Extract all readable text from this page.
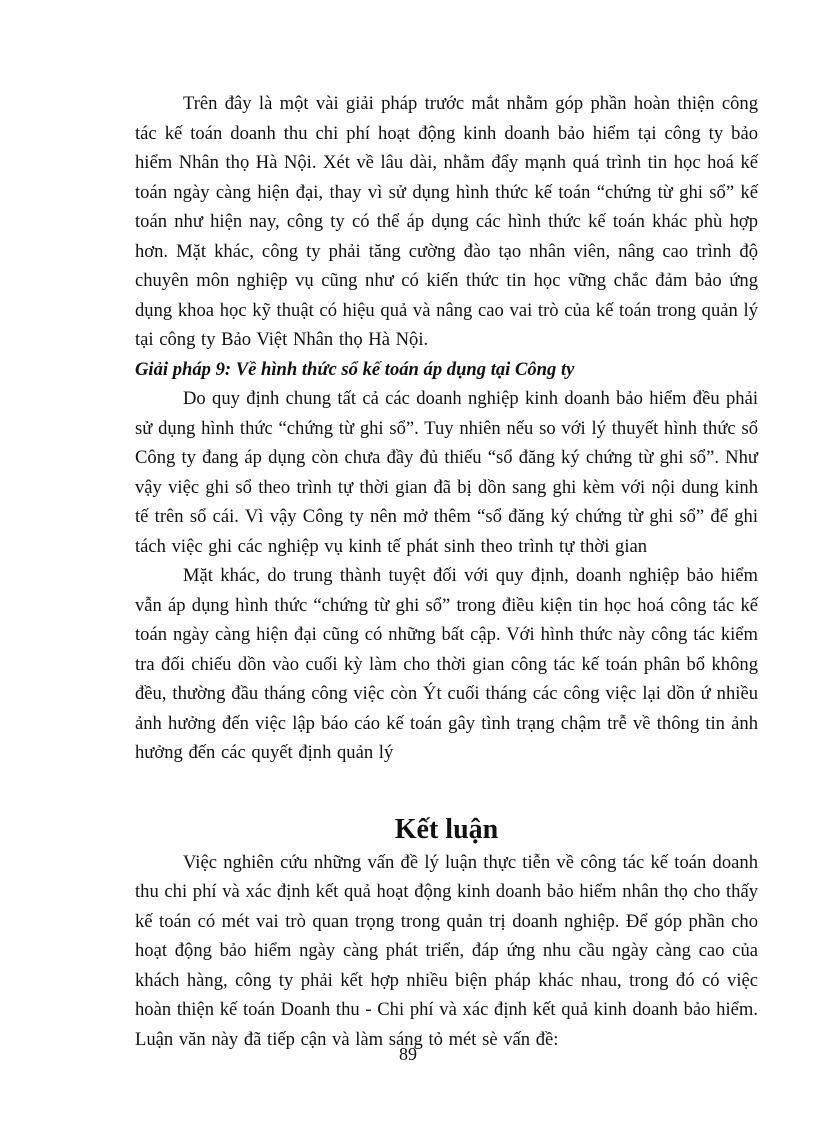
Trên đây là một vài giải pháp trước mắt nhằm góp phần hoàn thiện công tác kế toán doanh thu chi phí hoạt động kinh doanh bảo hiểm tại công ty bảo hiểm Nhân thọ Hà Nội. Xét về lâu dài, nhằm đẩy mạnh quá trình tin học hoá kế toán ngày càng hiện đại, thay vì sử dụng hình thức kế toán “chứng từ ghi sổ” kế toán như hiện nay, công ty có thể áp dụng các hình thức kế toán khác phù hợp hơn. Mặt khác, công ty phải tăng cường đào tạo nhân viên, nâng cao trình độ chuyên môn nghiệp vụ cũng như có kiến thức tin học vững chắc đảm bảo ứng dụng khoa học kỹ thuật có hiệu quả và nâng cao vai trò của kế toán trong quản lý tại công ty Bảo Việt Nhân thọ Hà Nội.

Giải pháp 9: Về hình thức sổ kế toán áp dụng tại Công ty

Do quy định chung tất cả các doanh nghiệp kinh doanh bảo hiểm đều phải sử dụng hình thức “chứng từ ghi sổ”. Tuy nhiên nếu so với lý thuyết hình thức sổ Công ty đang áp dụng còn chưa đầy đủ thiếu “sổ đăng ký chứng từ ghi sổ”. Như vậy việc ghi sổ theo trình tự thời gian đã bị dồn sang ghi kèm với nội dung kinh tế trên sổ cái. Vì vậy Công ty nên mở thêm “sổ đăng ký chứng từ ghi sổ” để ghi tách việc ghi các nghiệp vụ kinh tế phát sinh theo trình tự thời gian

Mặt khác, do trung thành tuyệt đối với quy định, doanh nghiệp bảo hiểm vẫn áp dụng hình thức “chứng từ ghi sổ” trong điều kiện tin học hoá công tác kế toán ngày càng hiện đại cũng có những bất cập. Với hình thức này công tác kiểm tra đối chiếu dồn vào cuối kỳ làm cho thời gian công tác kế toán phân bổ không đều, thường đầu tháng công việc còn Ýt cuối tháng các công việc lại dồn ứ nhiều ảnh hưởng đến việc lập báo cáo kế toán gây tình trạng chậm trễ về thông tin ảnh hưởng đến các quyết định quản lý

Kết luận

Việc nghiên cứu những vấn đề lý luận thực tiễn về công tác kế toán doanh thu chi phí và xác định kết quả hoạt động kinh doanh bảo hiểm nhân thọ cho thấy kế toán có mét vai trò quan trọng trong quản trị doanh nghiệp. Để góp phần cho hoạt động bảo hiểm ngày càng phát triển, đáp ứng nhu cầu ngày càng cao của khách hàng, công ty phải kết hợp nhiều biện pháp khác nhau, trong đó có việc hoàn thiện kế toán Doanh thu - Chi phí và xác định kết quả kinh doanh bảo hiểm. Luận văn này đã tiếp cận và làm sáng tỏ mét sè vấn đề:

89
